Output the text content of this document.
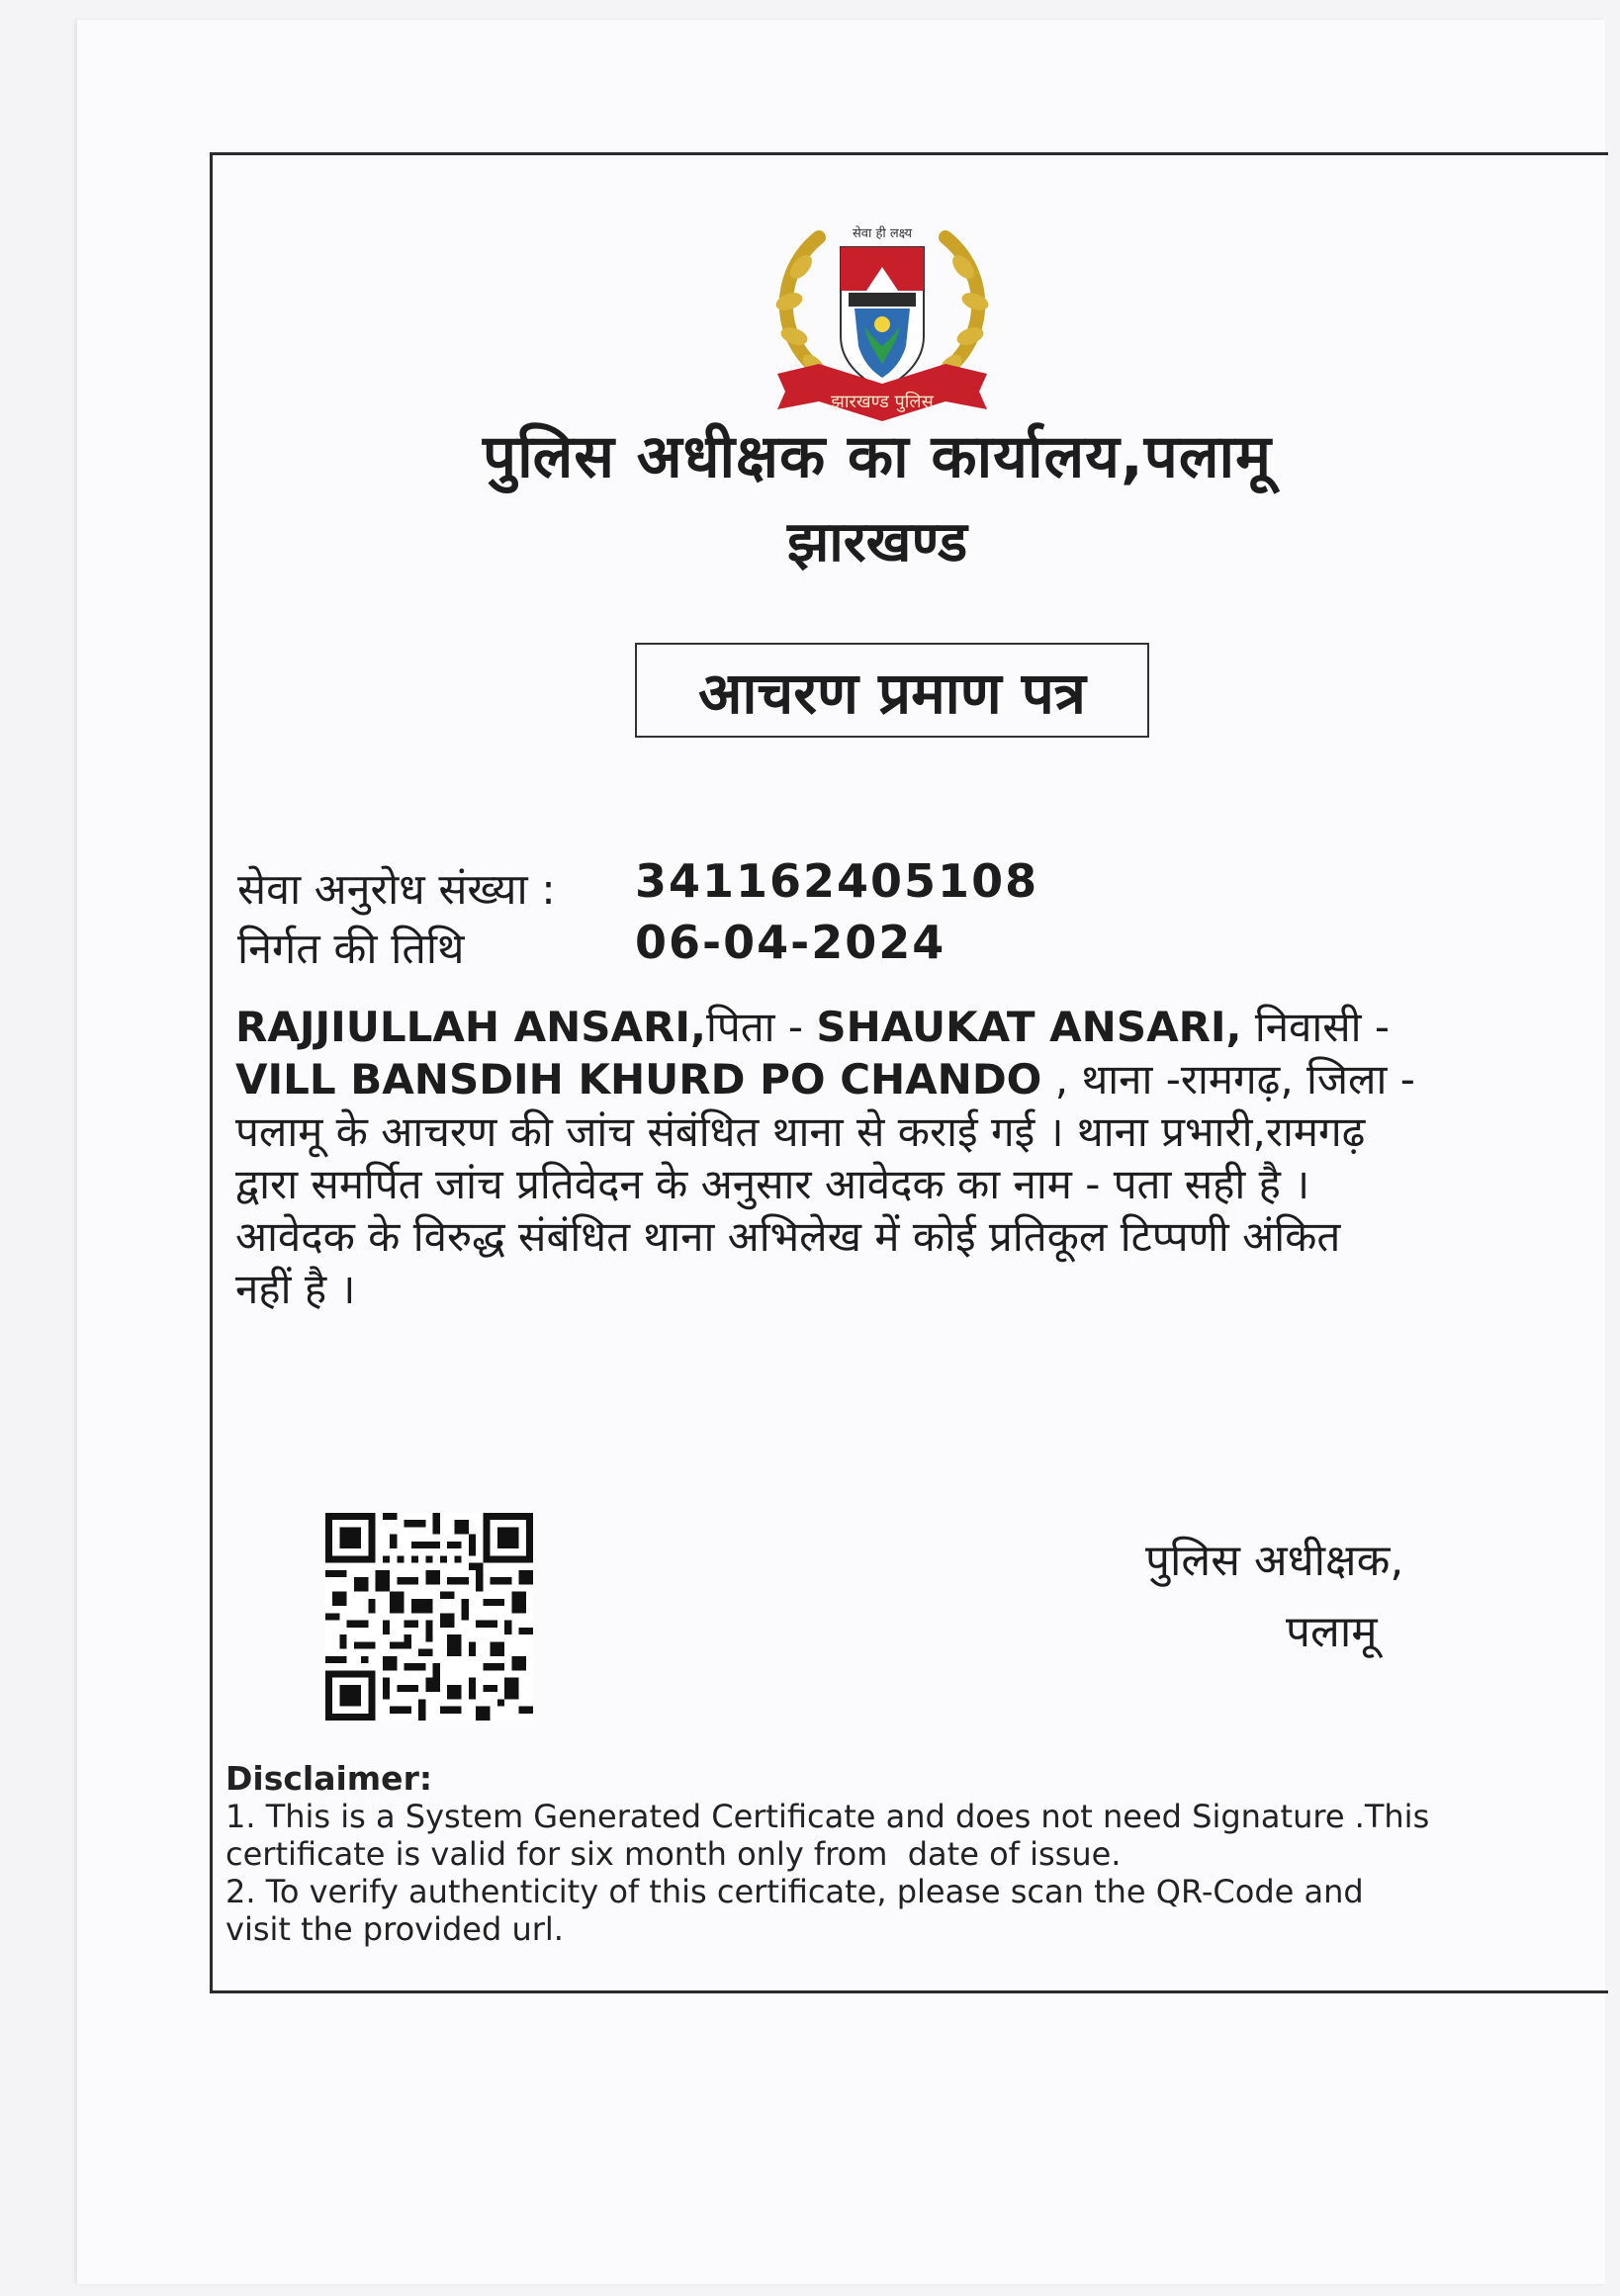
झारखण्ड पुलिस
सेवा ही लक्ष्य
पुलिस अधीक्षक का कार्यालय,पलामू
झारखण्ड
आचरण प्रमाण पत्र
सेवा अनुरोध संख्या : 341162405108
निर्गत की तिथि	06-04-2024
RAJJIULLAH ANSARI,पिता - SHAUKAT ANSARI, निवासी -
VILL BANSDIH KHURD PO CHANDO , थाना -रामगढ़, जिला -
पलामू के आचरण की जांच संबंधित थाना से कराई गई । थाना प्रभारी,रामगढ़
द्वारा समर्पित जांच प्रतिवेदन के अनुसार आवेदक का नाम - पता सही है ।
आवेदक के विरुद्ध संबंधित थाना अभिलेख में कोई प्रतिकूल टिप्पणी अंकित
नहीं है ।
पुलिस अधीक्षक,
पलामू
Disclaimer:
1. This is a System Generated Certificate and does not need Signature .This
certificate is valid for six month only from  date of issue.
2. To verify authenticity of this certificate, please scan the QR-Code and
visit the provided url.
